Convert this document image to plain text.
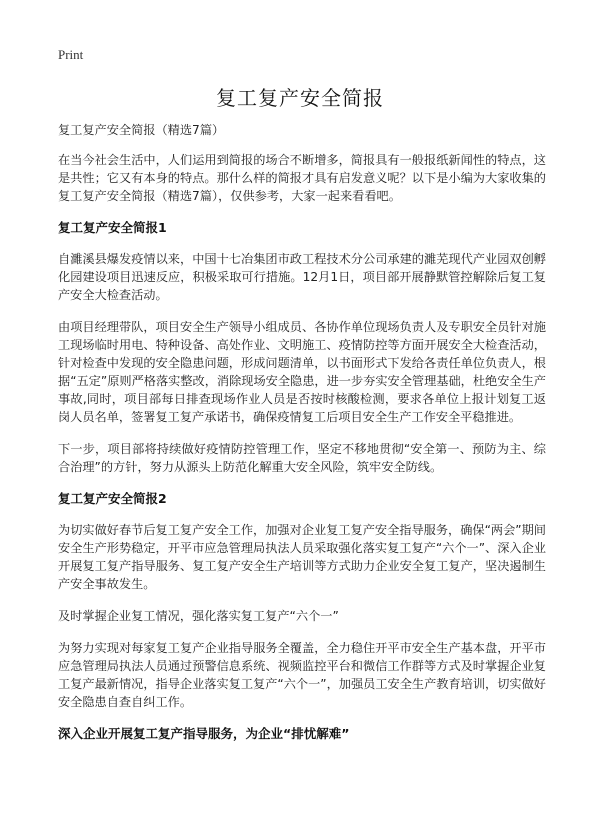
Print
复工复产安全简报

复工复产安全简报（精选7篇）

在当今社会生活中，人们运用到简报的场合不断增多，简报具有一般报纸新闻性的特点，这是共性；它又有本身的特点。那什么样的简报才具有启发意义呢？以下是小编为大家收集的复工复产安全简报（精选7篇），仅供参考，大家一起来看看吧。

复工复产安全简报1

自濉溪县爆发疫情以来，中国十七冶集团市政工程技术分公司承建的濉芜现代产业园双创孵化园建设项目迅速反应，积极采取可行措施。12月1日，项目部开展静默管控解除后复工复产安全大检查活动。

由项目经理带队，项目安全生产领导小组成员、各协作单位现场负责人及专职安全员针对施工现场临时用电、特种设备、高处作业、文明施工、疫情防控等方面开展安全大检查活动，针对检查中发现的安全隐患问题，形成问题清单，以书面形式下发给各责任单位负责人，根据“五定”原则严格落实整改，消除现场安全隐患，进一步夯实安全管理基础，杜绝安全生产事故,同时，项目部每日排查现场作业人员是否按时核酸检测，要求各单位上报计划复工返岗人员名单，签署复工复产承诺书，确保疫情复工后项目安全生产工作安全平稳推进。

下一步，项目部将持续做好疫情防控管理工作，坚定不移地贯彻“安全第一、预防为主、综合治理”的方针，努力从源头上防范化解重大安全风险，筑牢安全防线。

复工复产安全简报2

为切实做好春节后复工复产安全工作，加强对企业复工复产安全指导服务，确保“两会”期间安全生产形势稳定，开平市应急管理局执法人员采取强化落实复工复产“六个一”、深入企业开展复工复产指导服务、复工复产安全生产培训等方式助力企业安全复工复产，坚决遏制生产安全事故发生。

及时掌握企业复工情况，强化落实复工复产“六个一”

为努力实现对每家复工复产企业指导服务全覆盖，全力稳住开平市安全生产基本盘，开平市应急管理局执法人员通过预警信息系统、视频监控平台和微信工作群等方式及时掌握企业复工复产最新情况，指导企业落实复工复产“六个一”，加强员工安全生产教育培训，切实做好安全隐患自查自纠工作。

深入企业开展复工复产指导服务，为企业“排忧解难”
